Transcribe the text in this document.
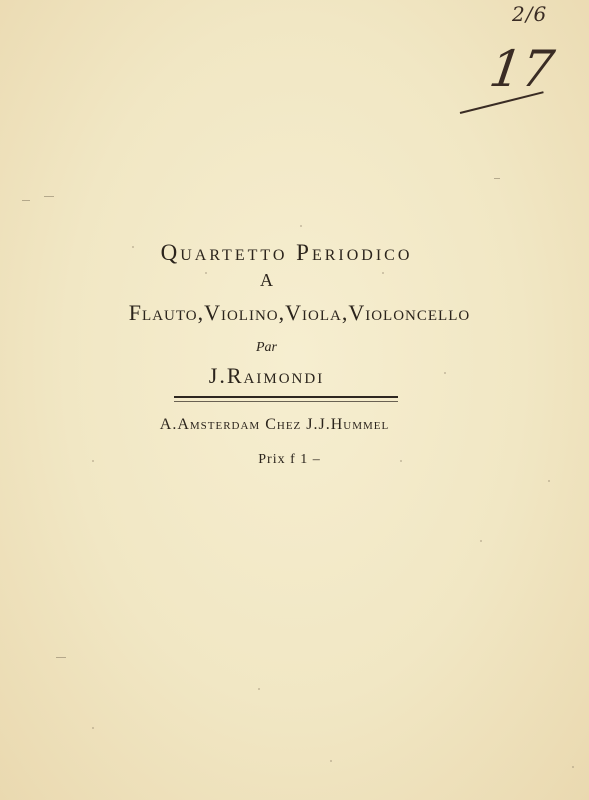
2/6
17
Quartetto Periodico
A
Flauto,Violino,Viola,Violoncello
Par
J.Raimondi
A.Amsterdam Chez J.J.Hummel
Prix f 1 –
